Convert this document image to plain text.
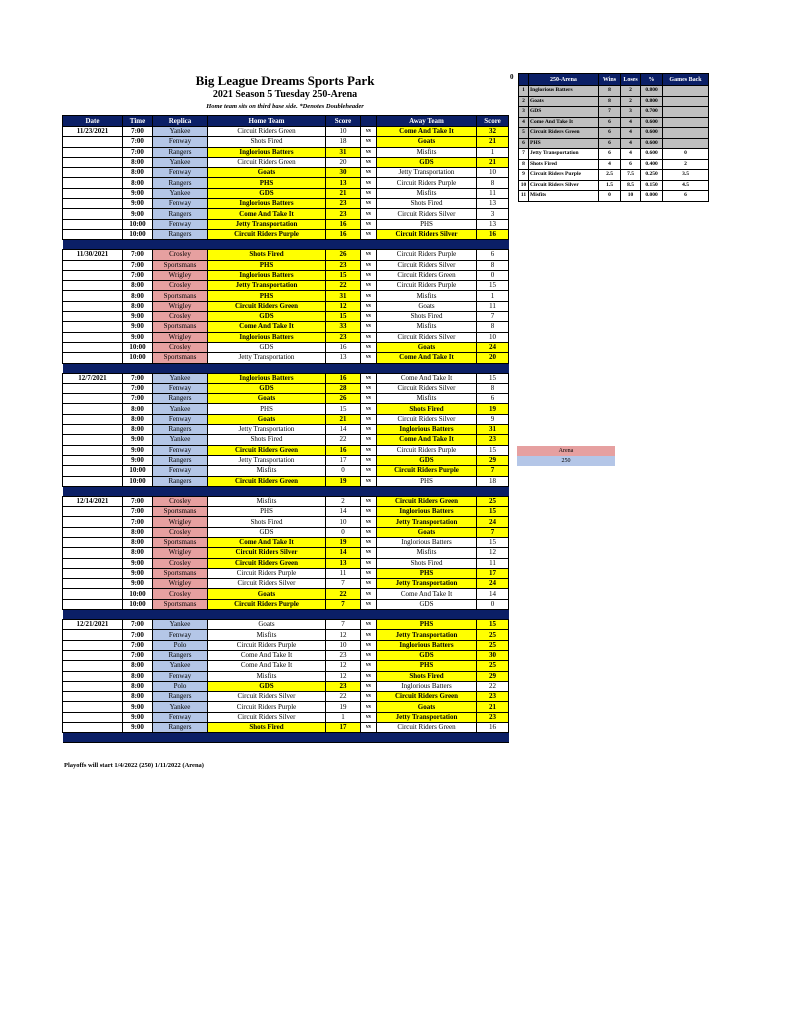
Big League Dreams Sports Park
2021 Season 5 Tuesday 250-Arena
Home team sits on third base side. *Denotes Doubleheader
0
Date	Time	Replica	Home Team	Score		Away Team	Score
11/23/2021	7:00	Yankee	Circuit Riders Green	10	vs	Come And Take It	32
	7:00	Fenway	Shots Fired	18	vs	Goats	21
	7:00	Rangers	Inglorious Batters	31	vs	Misfits	1
	8:00	Yankee	Circuit Riders Green	20	vs	GDS	21
	8:00	Fenway	Goats	30	vs	Jetty Transportation	10
	8:00	Rangers	PHS	13	vs	Circuit Riders Purple	8
	9:00	Yankee	GDS	21	vs	Misfits	11
	9:00	Fenway	Inglorious Batters	23	vs	Shots Fired	13
	9:00	Rangers	Come And Take It	23	vs	Circuit Riders Silver	3
	10:00	Fenway	Jetty Transportation	16	vs	PHS	13
	10:00	Rangers	Circuit Riders Purple	16	vs	Circuit Riders Silver	16

11/30/2021	7:00	Crosley	Shots Fired	26	vs	Circuit Riders Purple	6
	7:00	Sportsmans	PHS	23	vs	Circuit Riders Silver	8
	7:00	Wrigley	Inglorious Batters	15	vs	Circuit Riders Green	0
	8:00	Crosley	Jetty Transportation	22	vs	Circuit Riders Purple	15
	8:00	Sportsmans	PHS	31	vs	Misfits	1
	8:00	Wrigley	Circuit Riders Green	12	vs	Goats	11
	9:00	Crosley	GDS	15	vs	Shots Fired	7
	9:00	Sportsmans	Come And Take It	33	vs	Misfits	8
	9:00	Wrigley	Inglorious Batters	23	vs	Circuit Riders Silver	10
	10:00	Crosley	GDS	16	vs	Goats	24
	10:00	Sportsmans	Jetty Transportation	13	vs	Come And Take It	20

12/7/2021	7:00	Yankee	Inglorious Batters	16	vs	Come And Take It	15
	7:00	Fenway	GDS	28	vs	Circuit Riders Silver	8
	7:00	Rangers	Goats	26	vs	Misfits	6
	8:00	Yankee	PHS	15	vs	Shots Fired	19
	8:00	Fenway	Goats	21	vs	Circuit Riders Silver	9
	8:00	Rangers	Jetty Transportation	14	vs	Inglorious Batters	31
	9:00	Yankee	Shots Fired	22	vs	Come And Take It	23
	9:00	Fenway	Circuit Riders Green	16	vs	Circuit Riders Purple	15
	9:00	Rangers	Jetty Transportation	17	vs	GDS	29
	10:00	Fenway	Misfits	0	vs	Circuit Riders Purple	7
	10:00	Rangers	Circuit Riders Green	19	vs	PHS	18

12/14/2021	7:00	Crosley	Misfits	2	vs	Circuit Riders Green	25
	7:00	Sportsmans	PHS	14	vs	Inglorious Batters	15
	7:00	Wrigley	Shots Fired	10	vs	Jetty Transportation	24
	8:00	Crosley	GDS	0	vs	Goats	7
	8:00	Sportsmans	Come And Take It	19	vs	Inglorious Batters	15
	8:00	Wrigley	Circuit Riders Silver	14	vs	Misfits	12
	9:00	Crosley	Circuit Riders Green	13	vs	Shots Fired	11
	9:00	Sportsmans	Circuit Riders Purple	11	vs	PHS	17
	9:00	Wrigley	Circuit Riders Silver	7	vs	Jetty Transportation	24
	10:00	Crosley	Goats	22	vs	Come And Take It	14
	10:00	Sportsmans	Circuit Riders Purple	7	vs	GDS	0

12/21/2021	7:00	Yankee	Goats	7	vs	PHS	15
	7:00	Fenway	Misfits	12	vs	Jetty Transportation	25
	7:00	Polo	Circuit Riders Purple	10	vs	Inglorious Batters	25
	7:00	Rangers	Come And Take It	23	vs	GDS	30
	8:00	Yankee	Come And Take It	12	vs	PHS	25
	8:00	Fenway	Misfits	12	vs	Shots Fired	29
	8:00	Polo	GDS	23	vs	Inglorious Batters	22
	8:00	Rangers	Circuit Riders Silver	22	vs	Circuit Riders Green	23
	9:00	Yankee	Circuit Riders Purple	19	vs	Goats	21
	9:00	Fenway	Circuit Riders Silver	1	vs	Jetty Transportation	23
	9:00	Rangers	Shots Fired	17	vs	Circuit Riders Green	16

	250-Arena	Wins	Loses	%	Games Back
1	Inglorious Batters	8	2	0.800	
2	Goats	8	2	0.800	
3	GDS	7	3	0.700	
4	Come And Take It	6	4	0.600	
5	Circuit Riders Green	6	4	0.600	
6	PHS	6	4	0.600	
7	Jetty Transportation	6	4	0.600	0
8	Shots Fired	4	6	0.400	2
9	Circuit Riders Purple	2.5	7.5	0.250	3.5
10	Circuit Riders Silver	1.5	8.5	0.150	4.5
11	Misfits	0	10	0.000	6
Arena
250
Playoffs will start 1/4/2022 (250) 1/11/2022 (Arena)
